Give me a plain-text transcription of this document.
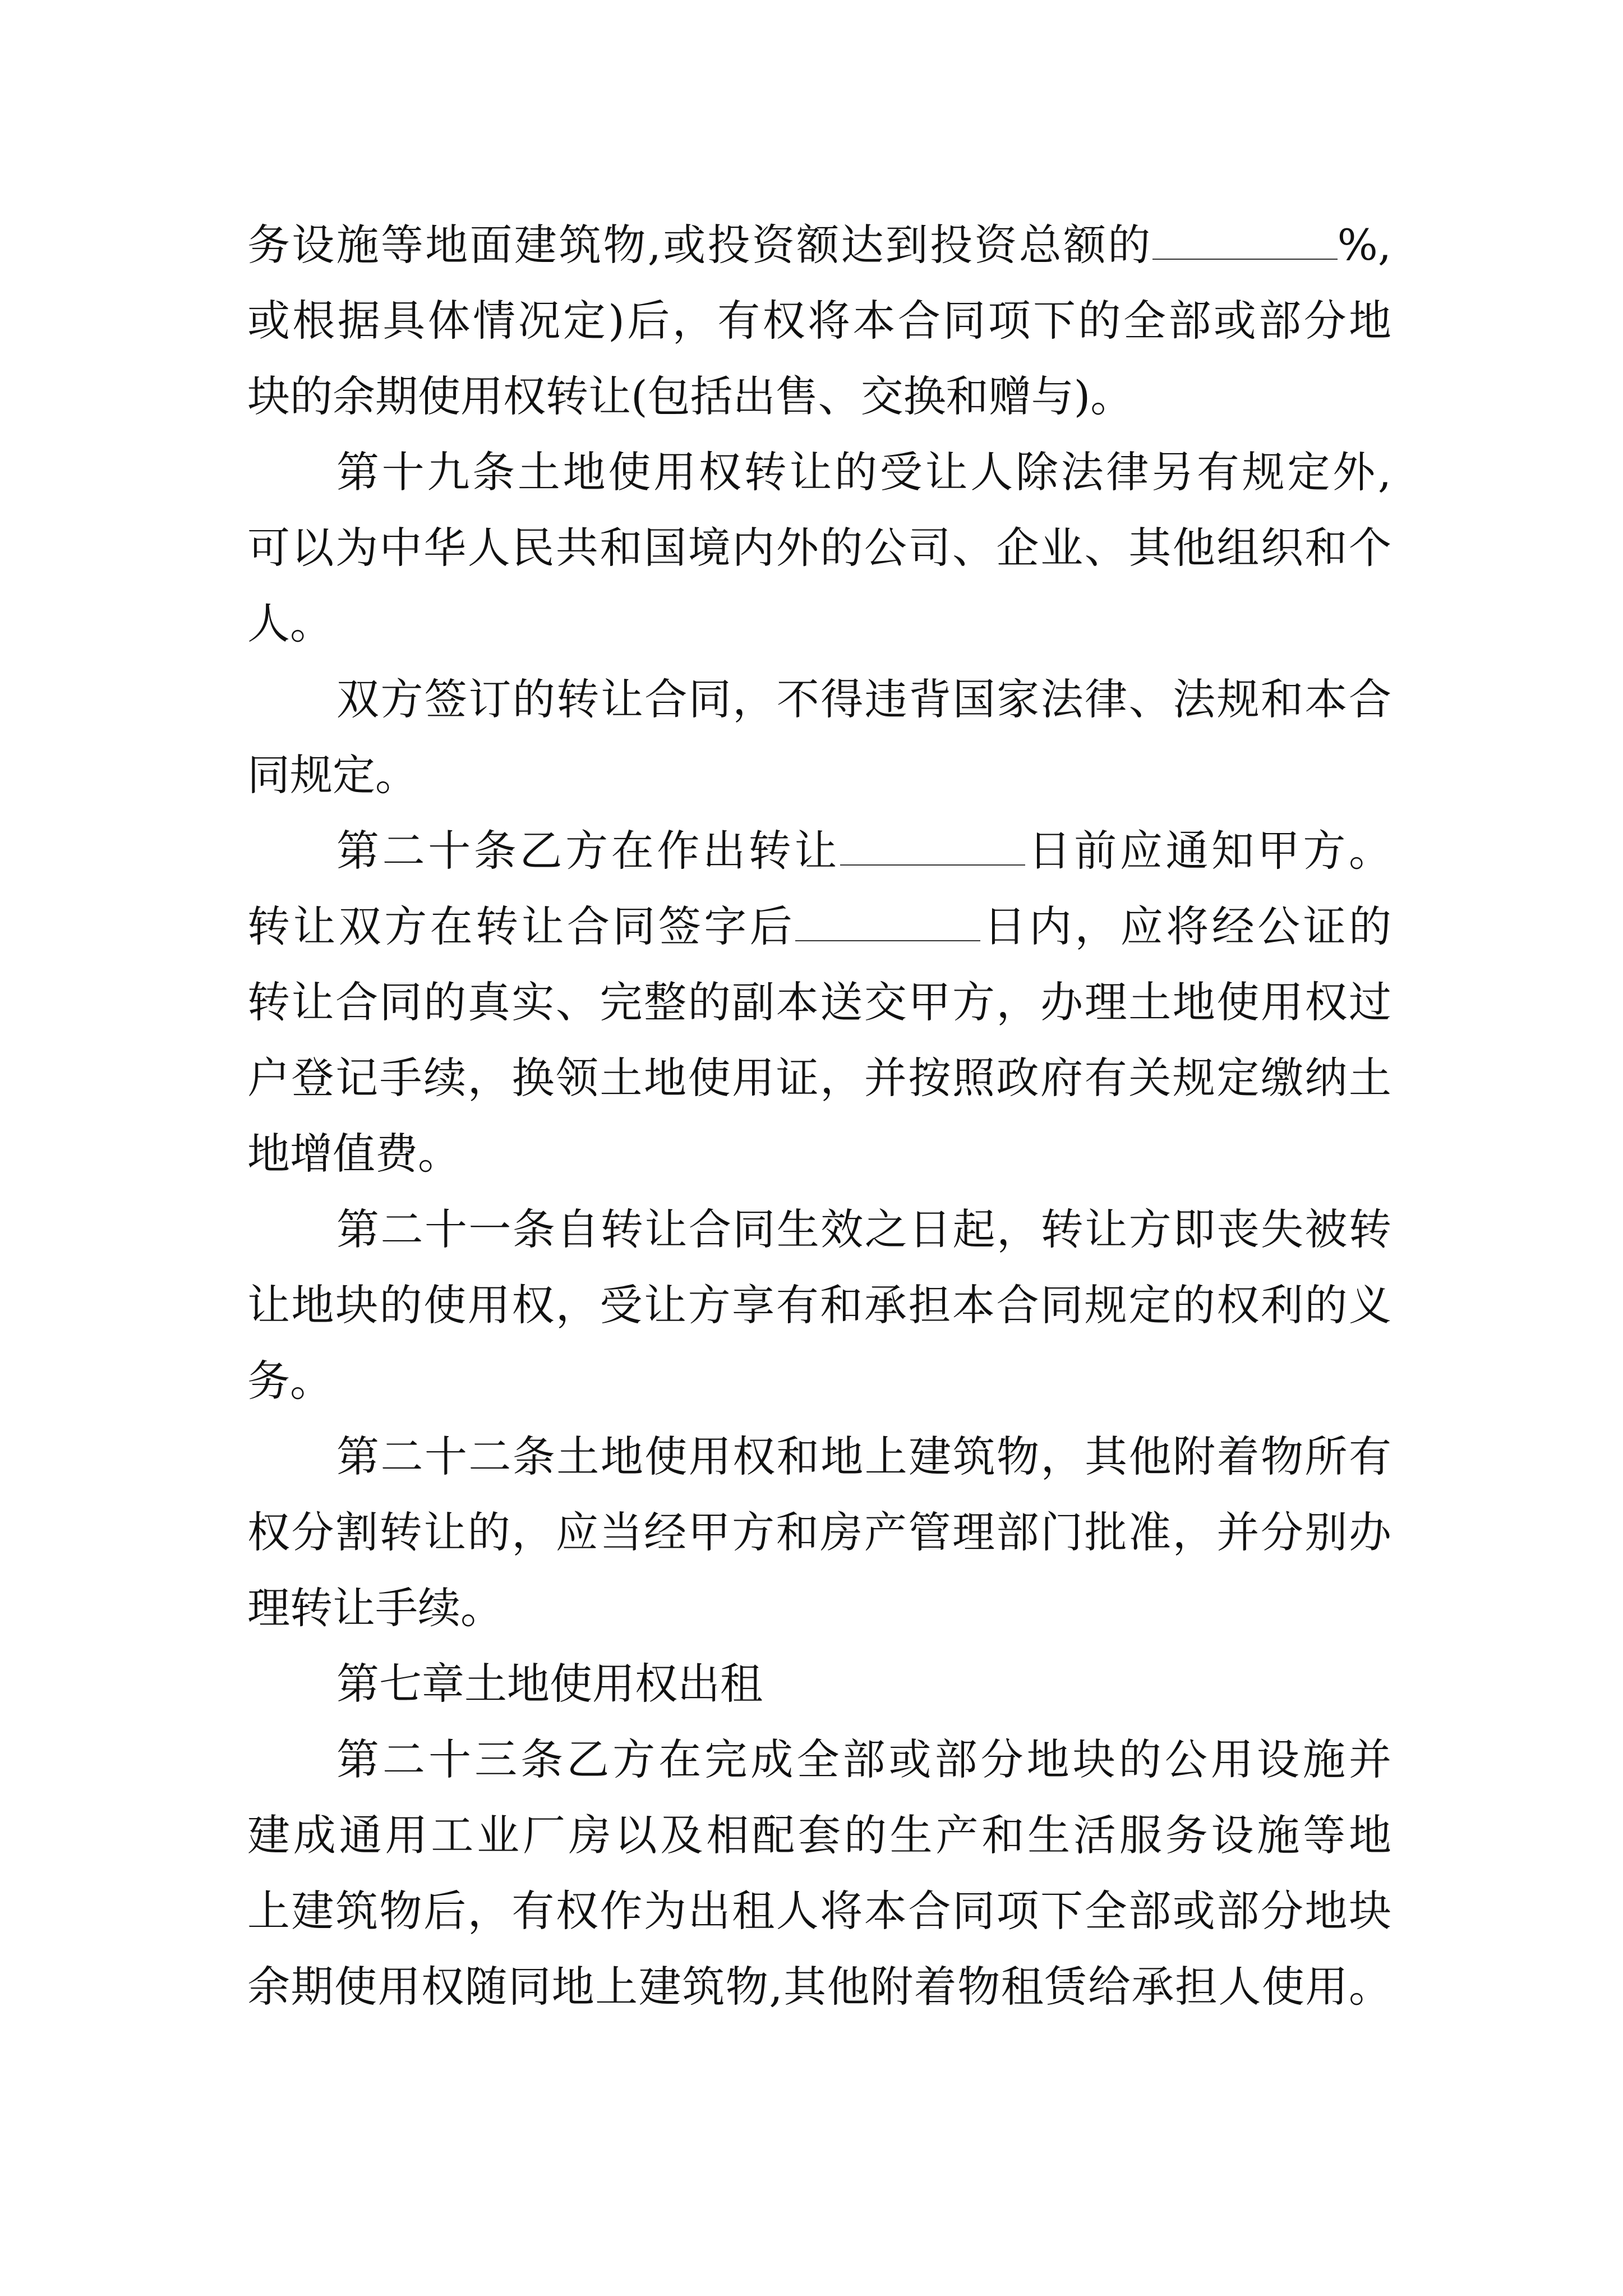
务设施等地面建筑物,或投资额达到投资总额的	%,
或根据具体情况定)后，有权将本合同项下的全部或部分地
块的余期使用权转让(包括出售、交换和赠与)。
第十九条土地使用权转让的受让人除法律另有规定外,
可以为中华人民共和国境内外的公司、企业、其他组织和个
人。
双方签订的转让合同，不得违背国家法律、法规和本合
同规定。
第二十条乙方在作出转让	日前应通知甲方。
转让双方在转让合同签字后	日内，应将经公证的
转让合同的真实、完整的副本送交甲方，办理土地使用权过
户登记手续，换领土地使用证，并按照政府有关规定缴纳土
地增值费。
第二十一条自转让合同生效之日起，转让方即丧失被转
让地块的使用权，受让方享有和承担本合同规定的权利的义
务。
第二十二条土地使用权和地上建筑物，其他附着物所有
权分割转让的，应当经甲方和房产管理部门批准，并分别办
理转让手续。
第七章土地使用权出租
第二十三条乙方在完成全部或部分地块的公用设施并
建成通用工业厂房以及相配套的生产和生活服务设施等地
上建筑物后，有权作为出租人将本合同项下全部或部分地块
余期使用权随同地上建筑物,其他附着物租赁给承担人使用。
